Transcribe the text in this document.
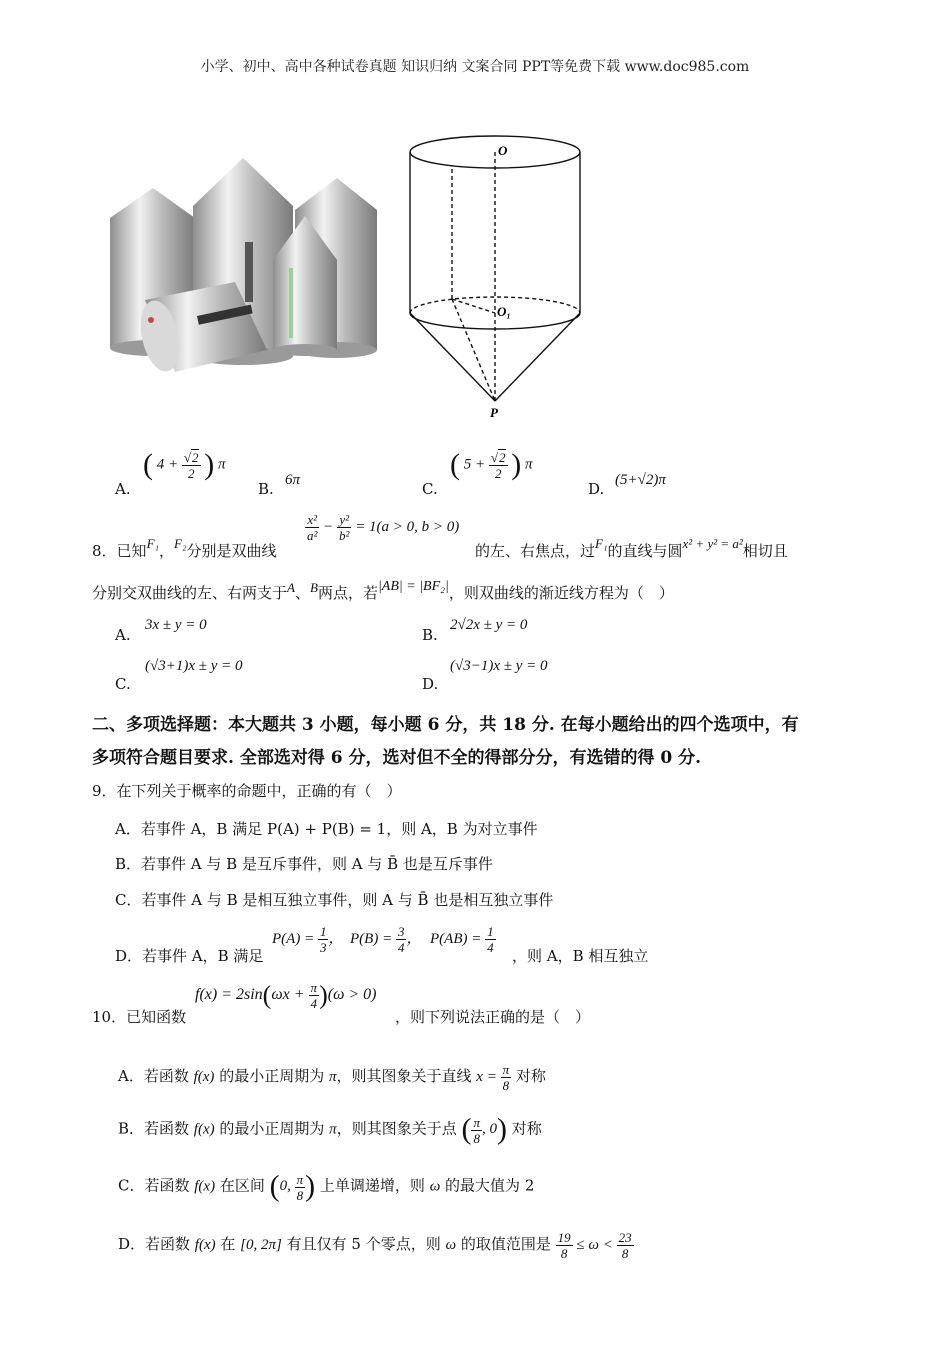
小学、初中、高中各种试卷真题 知识归纳 文案合同 PPT等免费下载 www.doc985.com
O
O₁
P
A.
( $4 + \frac{√2}{2}$ ) π
B. 6π	C.
( $5 + \frac{√2}{2}$ ) π
D. (5+√2)π
8．已知F₁，F₂分别是双曲线
$\frac{\text{x²}}{\text{a²}} - \frac{\text{y²}}{\text{b²}} = 1(a > 0$, b > 0)
的左、右焦点，过F₁的直线与圆x² + y² = a²相切且
分别交双曲线的左、右两支于A、B两点，若|AB| = |BF₂|，则双曲线的渐近线方程为（　）
A.
3x ± y = 0
B.
2√2x ± y = 0
C.
(√3+1)x ± y = 0
D.
(√3−1)x ± y = 0
二、多项选择题：本大题共 3 小题，每小题 6 分，共 18 分. 在每小题给出的四个选项中，有
多项符合题目要求. 全部选对得 6 分，选对但不全的得部分分，有选错的得 0 分.
9．在下列关于概率的命题中，正确的有（　）
A．若事件 A，B 满足 P(A) + P(B) = 1，则 A，B 为对立事件
B．若事件 A 与 B 是互斥事件，则 A 与 B̄ 也是互斥事件
C．若事件 A 与 B 是相互独立事件，则 A 与 B̄ 也是相互独立事件
D．若事件 A，B 满足
$P(A) = \frac{1}{3}$ ， $P(B) = \frac{3}{4}$ ， $P(AB) = \frac{1}{4}$
，则 A，B 相互独立
10．已知函数
$f(x) = 2\sin(\omega x + \frac{\pi}{4} )(\omega > 0)$
，则下列说法正确的是（　）
A．若函数 f(x) 的最小正周期为 π，则其图象关于直线 $x = \frac{\pi}{8}$ 对称
B．若函数 f(x) 的最小正周期为 π，则其图象关于点 ( $\frac{\pi}{8}$ , 0) 对称
C．若函数 f(x) 在区间 (0, $\frac{\pi}{8}$ ) 上单调递增，则 ω 的最大值为 2
D．若函数 f(x) 在 [0, 2π] 有且仅有 5 个零点，则 ω 的取值范围是 $\frac{19}{8} \le \omega < \frac{23}{8}$
